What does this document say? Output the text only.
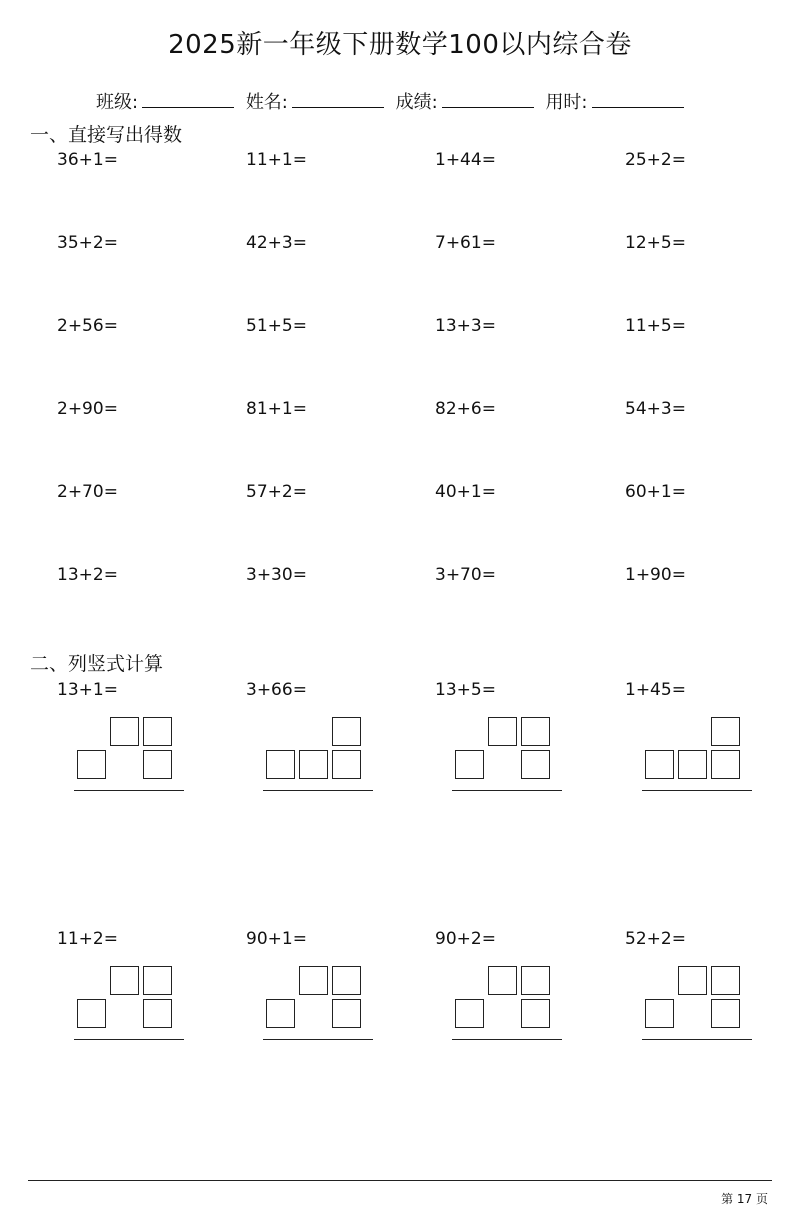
2025新一年级下册数学100以内综合卷
班级:	姓名:	成绩:	用时:
一、直接写出得数
36+1=	11+1=	1+44=	25+2=
35+2=	42+3=	7+61=	12+5=
2+56=	51+5=	13+3=	11+5=
2+90=	81+1=	82+6=	54+3=
2+70=	57+2=	40+1=	60+1=
13+2=	3+30=	3+70=	1+90=
二、列竖式计算
13+1=	3+66=	13+5=	1+45=
11+2=	90+1=	90+2=	52+2=
第 17 页
